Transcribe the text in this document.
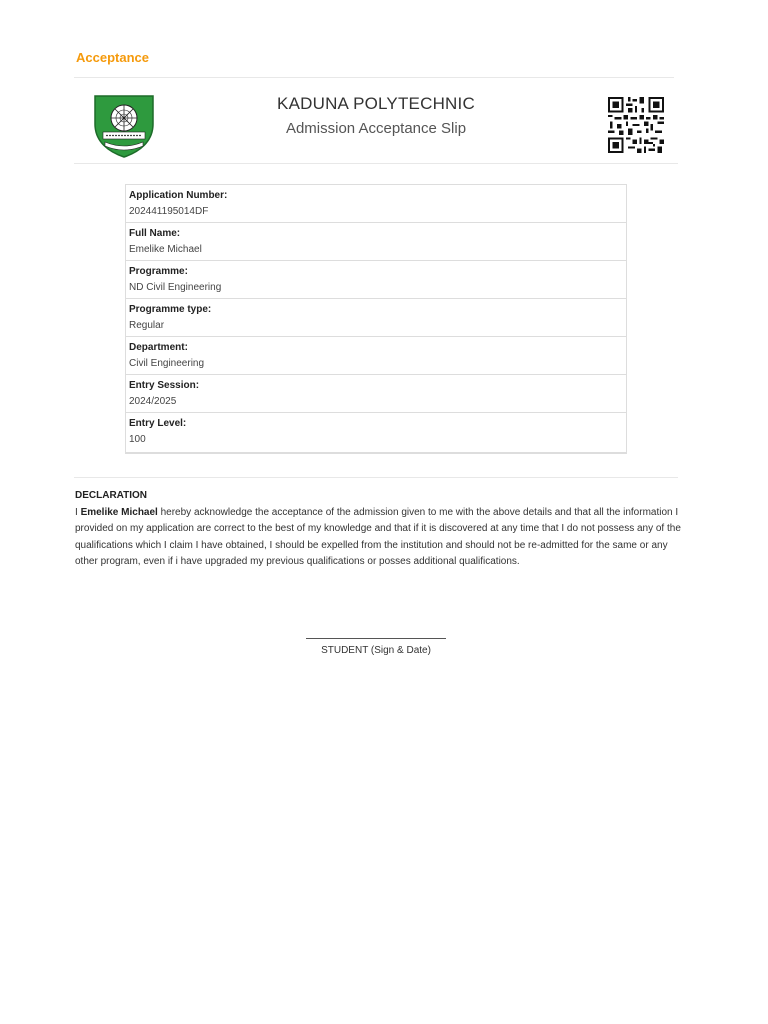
Acceptance
KADUNA POLYTECHNIC
Admission Acceptance Slip
Application Number:
202441195014DF
Full Name:
Emelike Michael
Programme:
ND Civil Engineering
Programme type:
Regular
Department:
Civil Engineering
Entry Session:
2024/2025
Entry Level:
100
DECLARATION
I Emelike Michael hereby acknowledge the acceptance of the admission given to me with the above details and that all the information I provided on my application are correct to the best of my knowledge and that if it is discovered at any time that I do not possess any of the qualifications which I claim I have obtained, I should be expelled from the institution and should not be re-admitted for the same or any other program, even if i have upgraded my previous qualifications or posses additional qualifications.
STUDENT (Sign & Date)
